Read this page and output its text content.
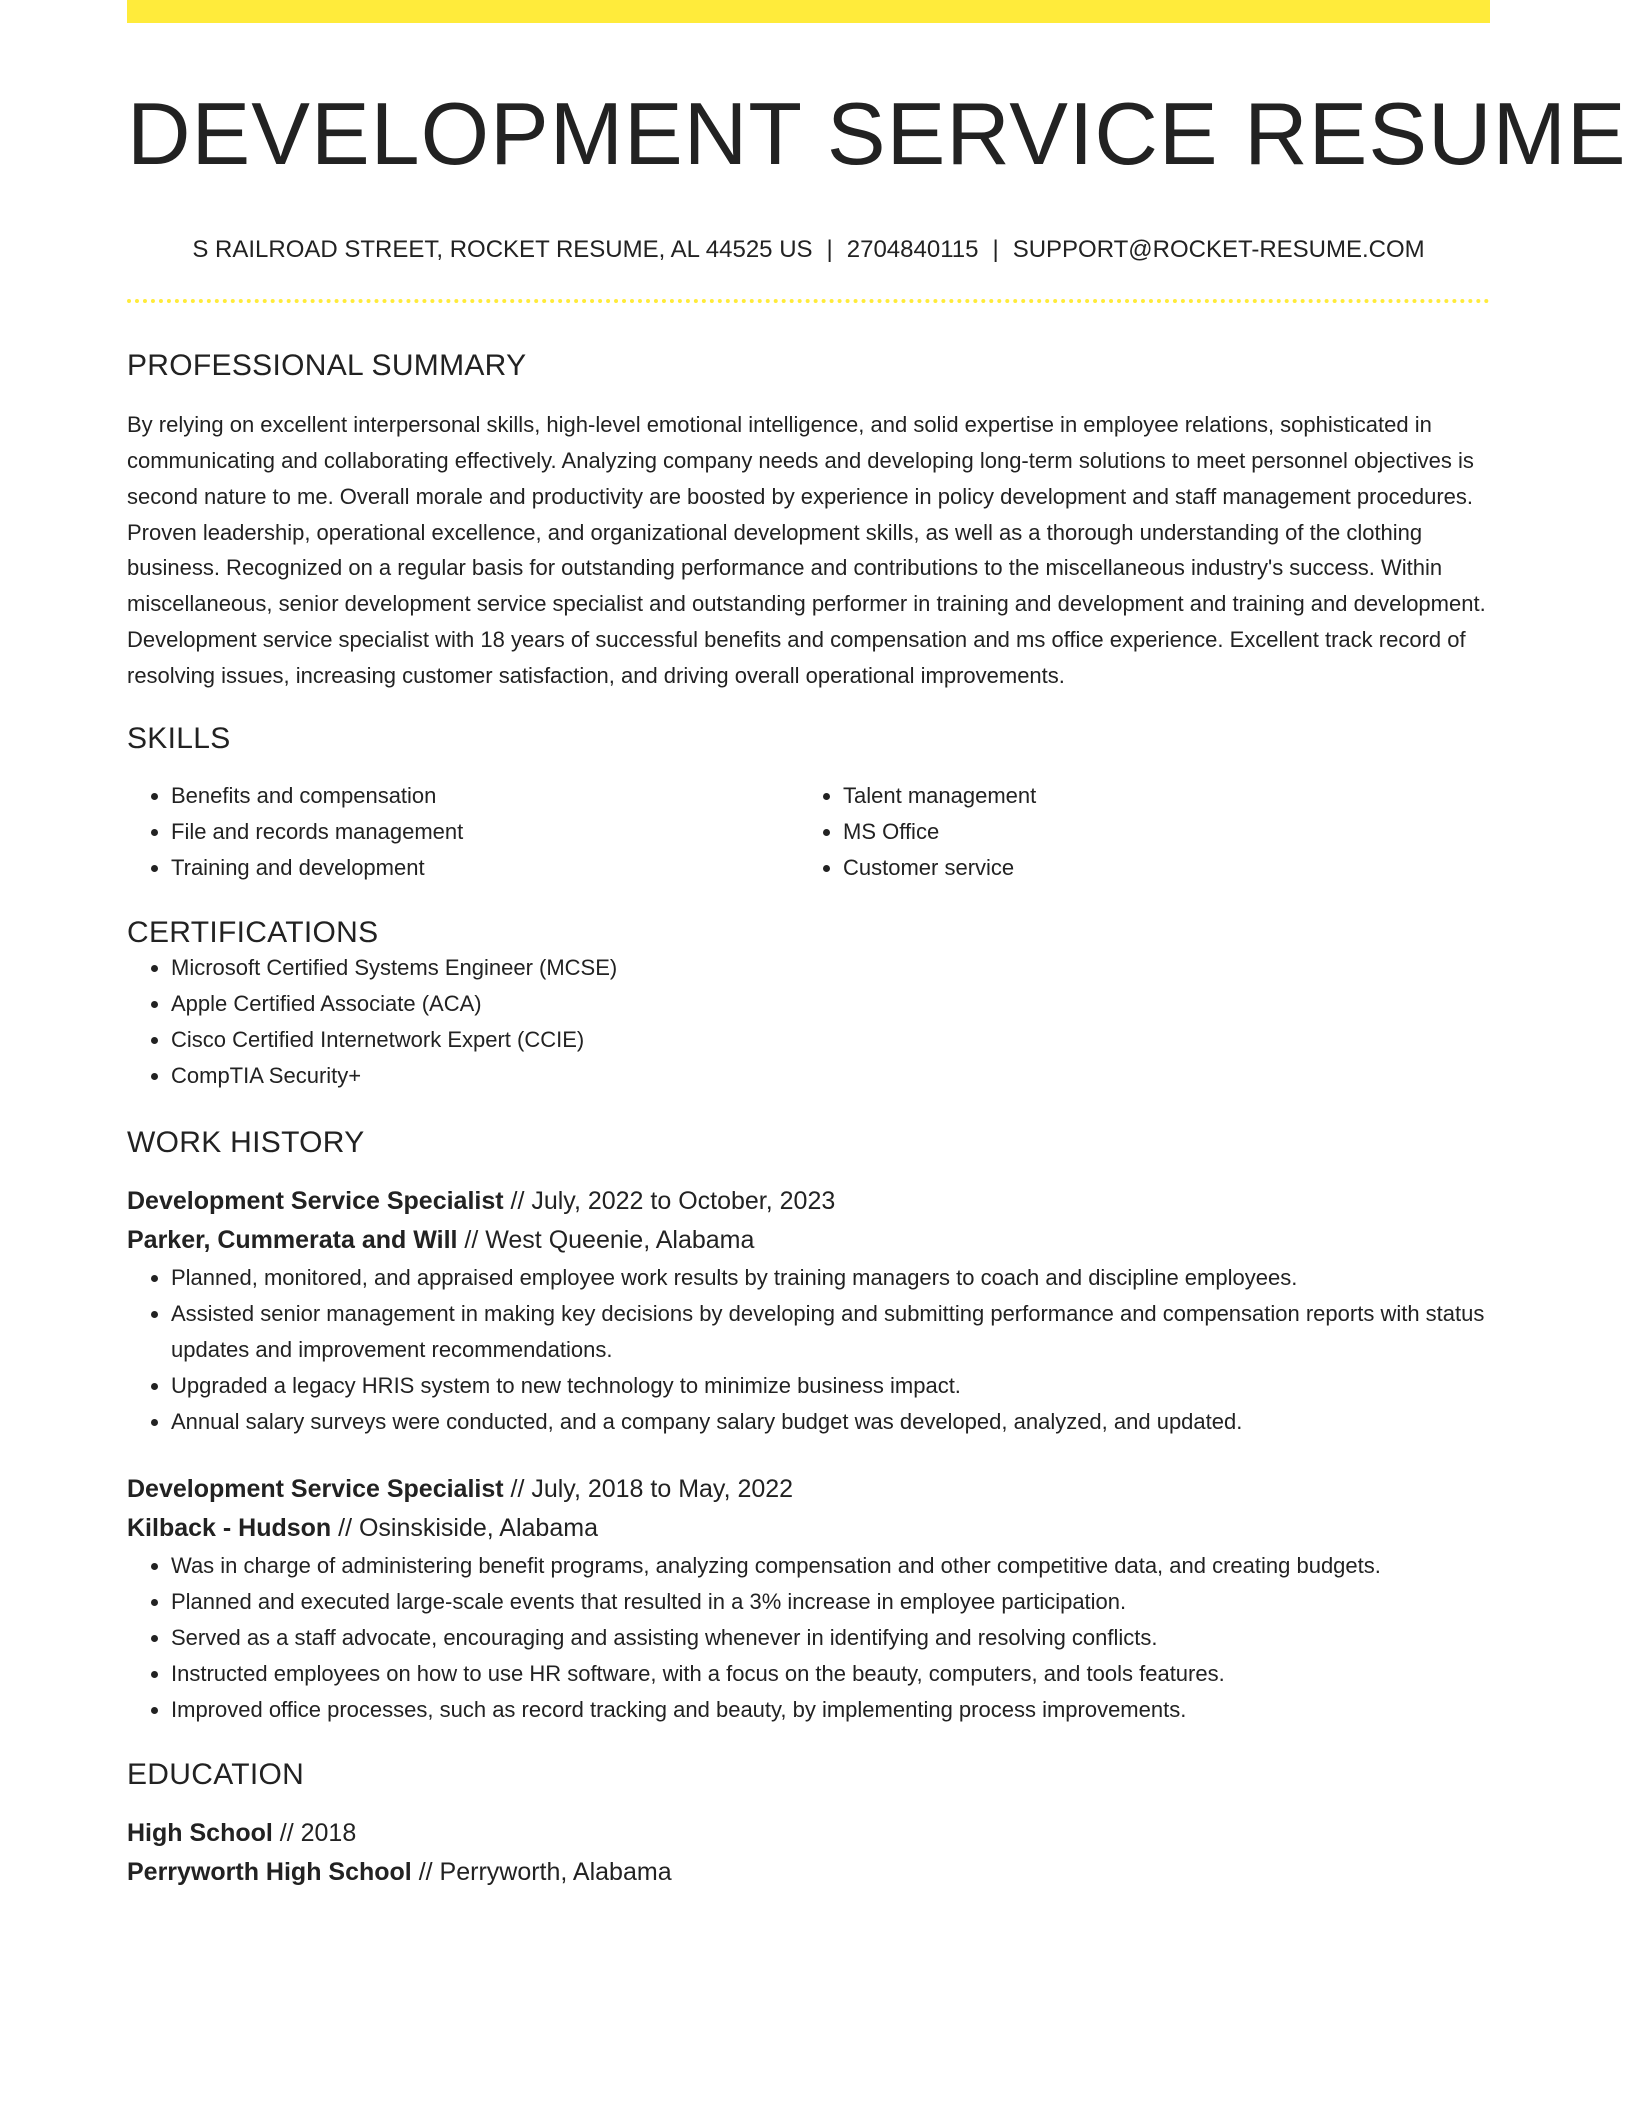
DEVELOPMENT SERVICE RESUME
S RAILROAD STREET, ROCKET RESUME, AL 44525 US | 2704840115 | SUPPORT@ROCKET-RESUME.COM
PROFESSIONAL SUMMARY

By relying on excellent interpersonal skills, high-level emotional intelligence, and solid expertise in employee relations, sophisticated in communicating and collaborating effectively. Analyzing company needs and developing long-term solutions to meet personnel objectives is second nature to me. Overall morale and productivity are boosted by experience in policy development and staff management procedures. Proven leadership, operational excellence, and organizational development skills, as well as a thorough understanding of the clothing business. Recognized on a regular basis for outstanding performance and contributions to the miscellaneous industry's success. Within miscellaneous, senior development service specialist and outstanding performer in training and development and training and development. Development service specialist with 18 years of successful benefits and compensation and ms office experience. Excellent track record of resolving issues, increasing customer satisfaction, and driving overall operational improvements.

SKILLS
• Benefits and compensation
• File and records management
• Training and development
• Talent management
• MS Office
• Customer service
CERTIFICATIONS
• Microsoft Certified Systems Engineer (MCSE)
• Apple Certified Associate (ACA)
• Cisco Certified Internetwork Expert (CCIE)
• CompTIA Security+
WORK HISTORY
Development Service Specialist // July, 2022 to October, 2023
Parker, Cummerata and Will // West Queenie, Alabama
• Planned, monitored, and appraised employee work results by training managers to coach and discipline employees.
• Assisted senior management in making key decisions by developing and submitting performance and compensation reports with status updates and improvement recommendations.
• Upgraded a legacy HRIS system to new technology to minimize business impact.
• Annual salary surveys were conducted, and a company salary budget was developed, analyzed, and updated.
Development Service Specialist // July, 2018 to May, 2022
Kilback - Hudson // Osinskiside, Alabama
• Was in charge of administering benefit programs, analyzing compensation and other competitive data, and creating budgets.
• Planned and executed large-scale events that resulted in a 3% increase in employee participation.
• Served as a staff advocate, encouraging and assisting whenever in identifying and resolving conflicts.
• Instructed employees on how to use HR software, with a focus on the beauty, computers, and tools features.
• Improved office processes, such as record tracking and beauty, by implementing process improvements.
EDUCATION
High School // 2018
Perryworth High School // Perryworth, Alabama
